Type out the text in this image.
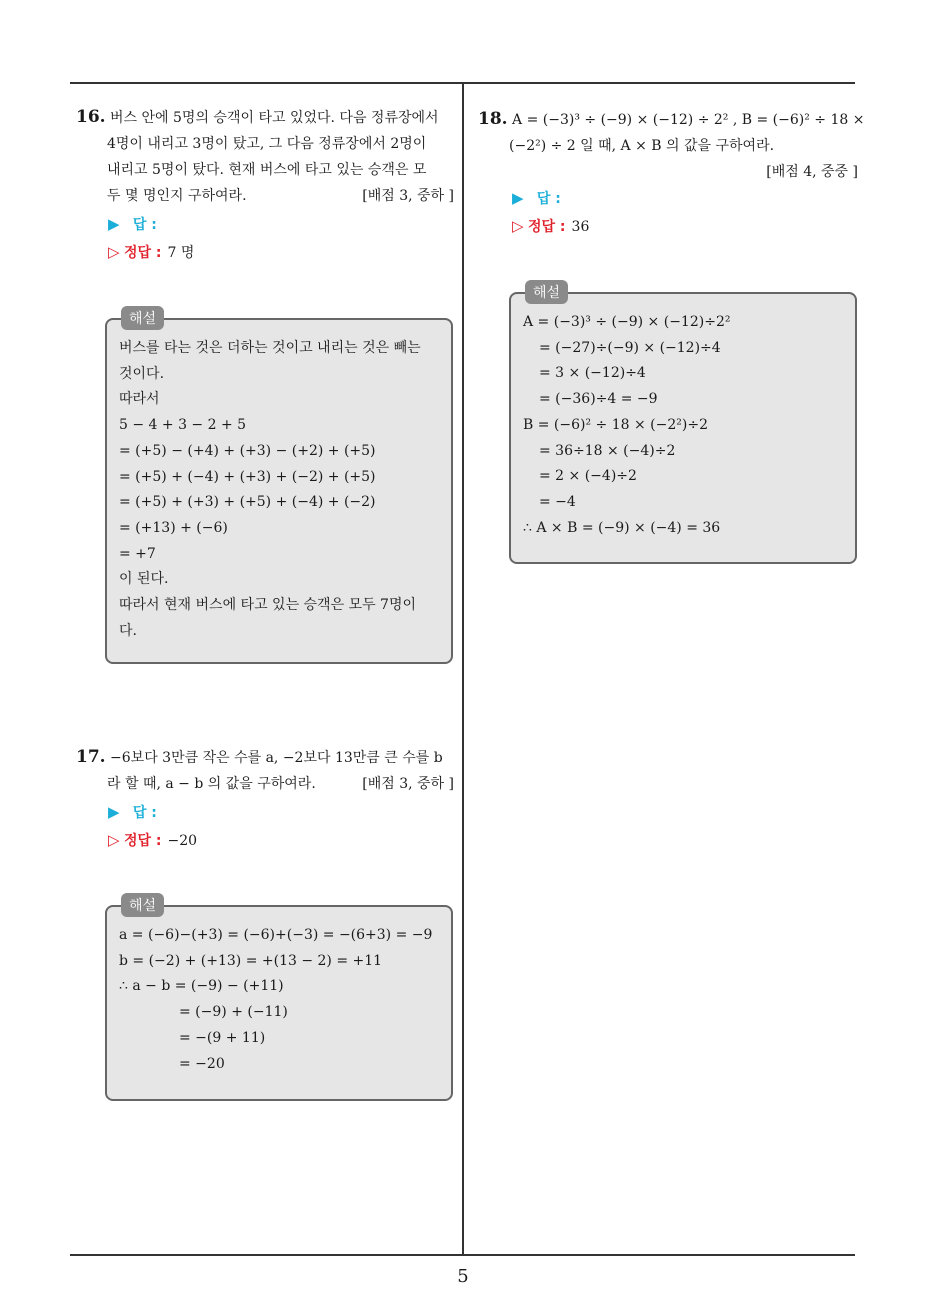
5
16. 버스 안에 5명의 승객이 타고 있었다. 다음 정류장에서
4명이 내리고 3명이 탔고, 그 다음 정류장에서 2명이
내리고 5명이 탔다. 현재 버스에 타고 있는 승객은 모
두 몇 명인지 구하여라.	[배점 3, 중하 ]
▶ 답 :
▷ 정답 : 7 명
해설
버스를 타는 것은 더하는 것이고 내리는 것은 빼는
것이다.
따라서
5 − 4 + 3 − 2 + 5
= (+5) − (+4) + (+3) − (+2) + (+5)
= (+5) + (−4) + (+3) + (−2) + (+5)
= (+5) + (+3) + (+5) + (−4) + (−2)
= (+13) + (−6)
= +7
이 된다.
따라서 현재 버스에 타고 있는 승객은 모두 7명이
다.
17. −6보다 3만큼 작은 수를 a, −2보다 13만큼 큰 수를 b
라 할 때, a − b 의 값을 구하여라.	[배점 3, 중하 ]
▶ 답 :
▷ 정답 : −20
해설
a = (−6)−(+3) = (−6)+(−3) = −(6+3) = −9
b = (−2) + (+13) = +(13 − 2) = +11
∴ a − b = (−9) − (+11)
= (−9) + (−11)
= −(9 + 11)
= −20
18. A = (−3)³ ÷ (−9) × (−12) ÷ 2² , B = (−6)² ÷ 18 ×
(−2²) ÷ 2 일 때, A × B 의 값을 구하여라.
[배점 4, 중중 ]
▶ 답 :
▷ 정답 : 36
해설
A = (−3)³ ÷ (−9) × (−12)÷2²
= (−27)÷(−9) × (−12)÷4
= 3 × (−12)÷4
= (−36)÷4 = −9
B = (−6)² ÷ 18 × (−2²)÷2
= 36÷18 × (−4)÷2
= 2 × (−4)÷2
= −4
∴ A × B = (−9) × (−4) = 36
